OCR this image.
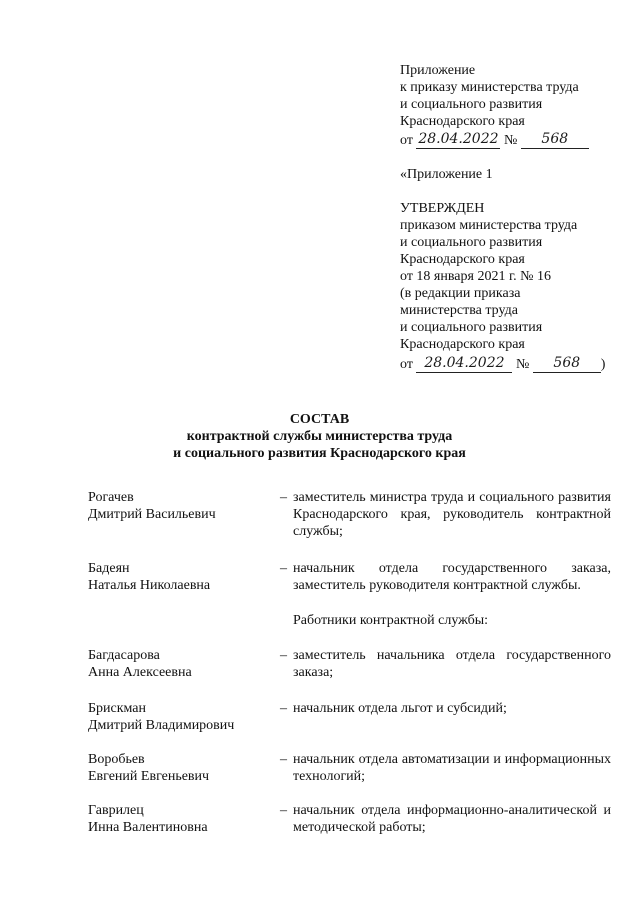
Приложение
к приказу министерства труда
и социального развития
Краснодарского края
от 28.04.2022 № 568
«Приложение 1
УТВЕРЖДЕН
приказом министерства труда
и социального развития
Краснодарского края
от 18 января 2021 г. № 16
(в редакции приказа
министерства труда
и социального развития
Краснодарского края
от 28.04.2022 № 568 )
СОСТАВ
контрактной службы министерства труда
и социального развития Краснодарского края
Рогачев
Дмитрий Васильевич
– заместитель министра труда и социального развития Краснодарского края, руководитель контрактной службы;
Бадеян
Наталья Николаевна
– начальник отдела государственного заказа, заместитель руководителя контрактной службы.
Работники контрактной службы:
Багдасарова
Анна Алексеевна
– заместитель начальника отдела государственного заказа;
Брискман
Дмитрий Владимирович
– начальник отдела льгот и субсидий;
Воробьев
Евгений Евгеньевич
– начальник отдела автоматизации и информационных технологий;
Гаврилец
Инна Валентиновна
– начальник отдела информационно-аналитической и методической работы;
